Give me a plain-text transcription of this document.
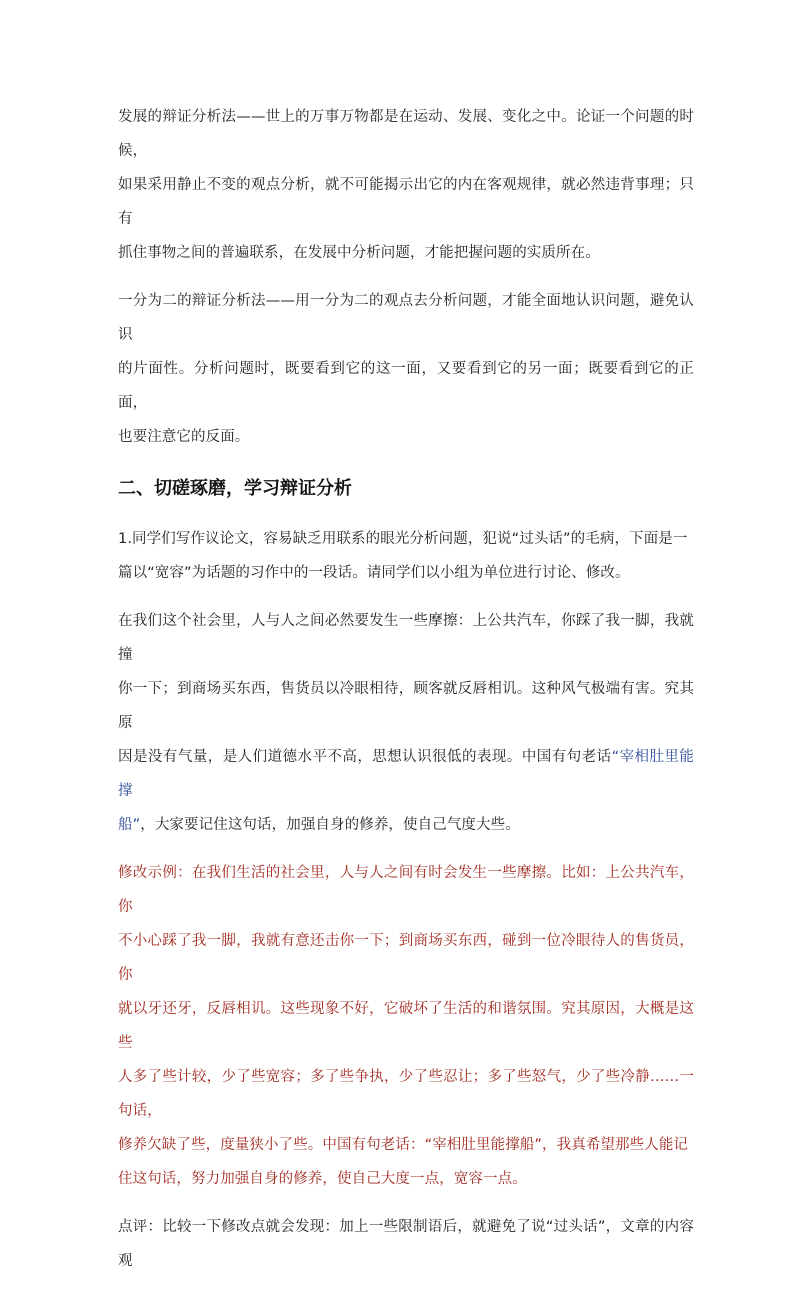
发展的辩证分析法——世上的万事万物都是在运动、发展、变化之中。论证一个问题的时候，
如果采用静止不变的观点分析，就不可能揭示出它的内在客观规律，就必然违背事理；只有
抓住事物之间的普遍联系，在发展中分析问题，才能把握问题的实质所在。

一分为二的辩证分析法——用一分为二的观点去分析问题，才能全面地认识问题，避免认识
的片面性。分析问题时，既要看到它的这一面，又要看到它的另一面；既要看到它的正面，
也要注意它的反面。

二、切磋琢磨，学习辩证分析

1.同学们写作议论文，容易缺乏用联系的眼光分析问题，犯说“过头话”的毛病，下面是一
篇以“宽容”为话题的习作中的一段话。请同学们以小组为单位进行讨论、修改。

在我们这个社会里，人与人之间必然要发生一些摩擦：上公共汽车，你踩了我一脚，我就撞
你一下；到商场买东西，售货员以冷眼相待，顾客就反唇相讥。这种风气极端有害。究其原
因是没有气量，是人们道德水平不高，思想认识很低的表现。中国有句老话“宰相肚里能撑
船”，大家要记住这句话，加强自身的修养，使自己气度大些。

修改示例：在我们生活的社会里，人与人之间有时会发生一些摩擦。比如：上公共汽车，你
不小心踩了我一脚，我就有意还击你一下；到商场买东西，碰到一位冷眼待人的售货员，你
就以牙还牙，反唇相讥。这些现象不好，它破坏了生活的和谐氛围。究其原因，大概是这些
人多了些计较，少了些宽容；多了些争执，少了些忍让；多了些怒气，少了些冷静……一句话，
修养欠缺了些，度量狭小了些。中国有句老话：“宰相肚里能撑船”，我真希望那些人能记
住这句话，努力加强自身的修养，使自己大度一点，宽容一点。

点评：比较一下修改点就会发现：加上一些限制语后，就避免了说“过头话”，文章的内容观
